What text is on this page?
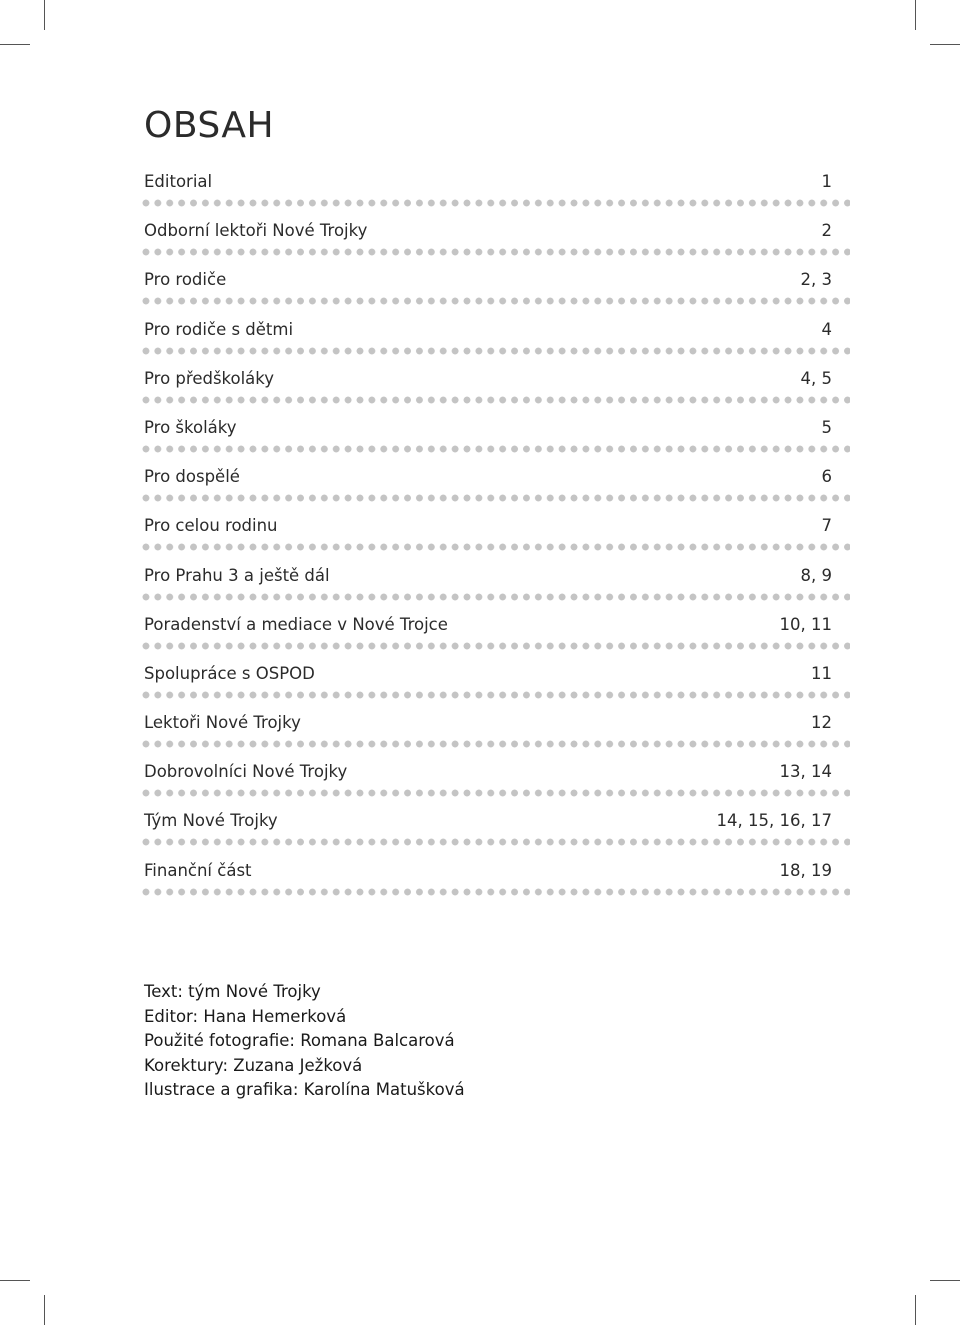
OBSAH
Editorial	1
Odborní lektoři Nové Trojky	2
Pro rodiče	2, 3
Pro rodiče s dětmi	4
Pro předškoláky	4, 5
Pro školáky	5
Pro dospělé	6
Pro celou rodinu	7
Pro Prahu 3 a ještě dál	8, 9
Poradenství a mediace v Nové Trojce	10, 11
Spolupráce s OSPOD	11
Lektoři Nové Trojky	12
Dobrovolníci Nové Trojky	13, 14
Tým Nové Trojky	14, 15, 16, 17
Finanční část	18, 19
Text: tým Nové Trojky
Editor: Hana Hemerková
Použité fotografie: Romana Balcarová
Korektury: Zuzana Ježková
Ilustrace a grafika: Karolína Matušková
